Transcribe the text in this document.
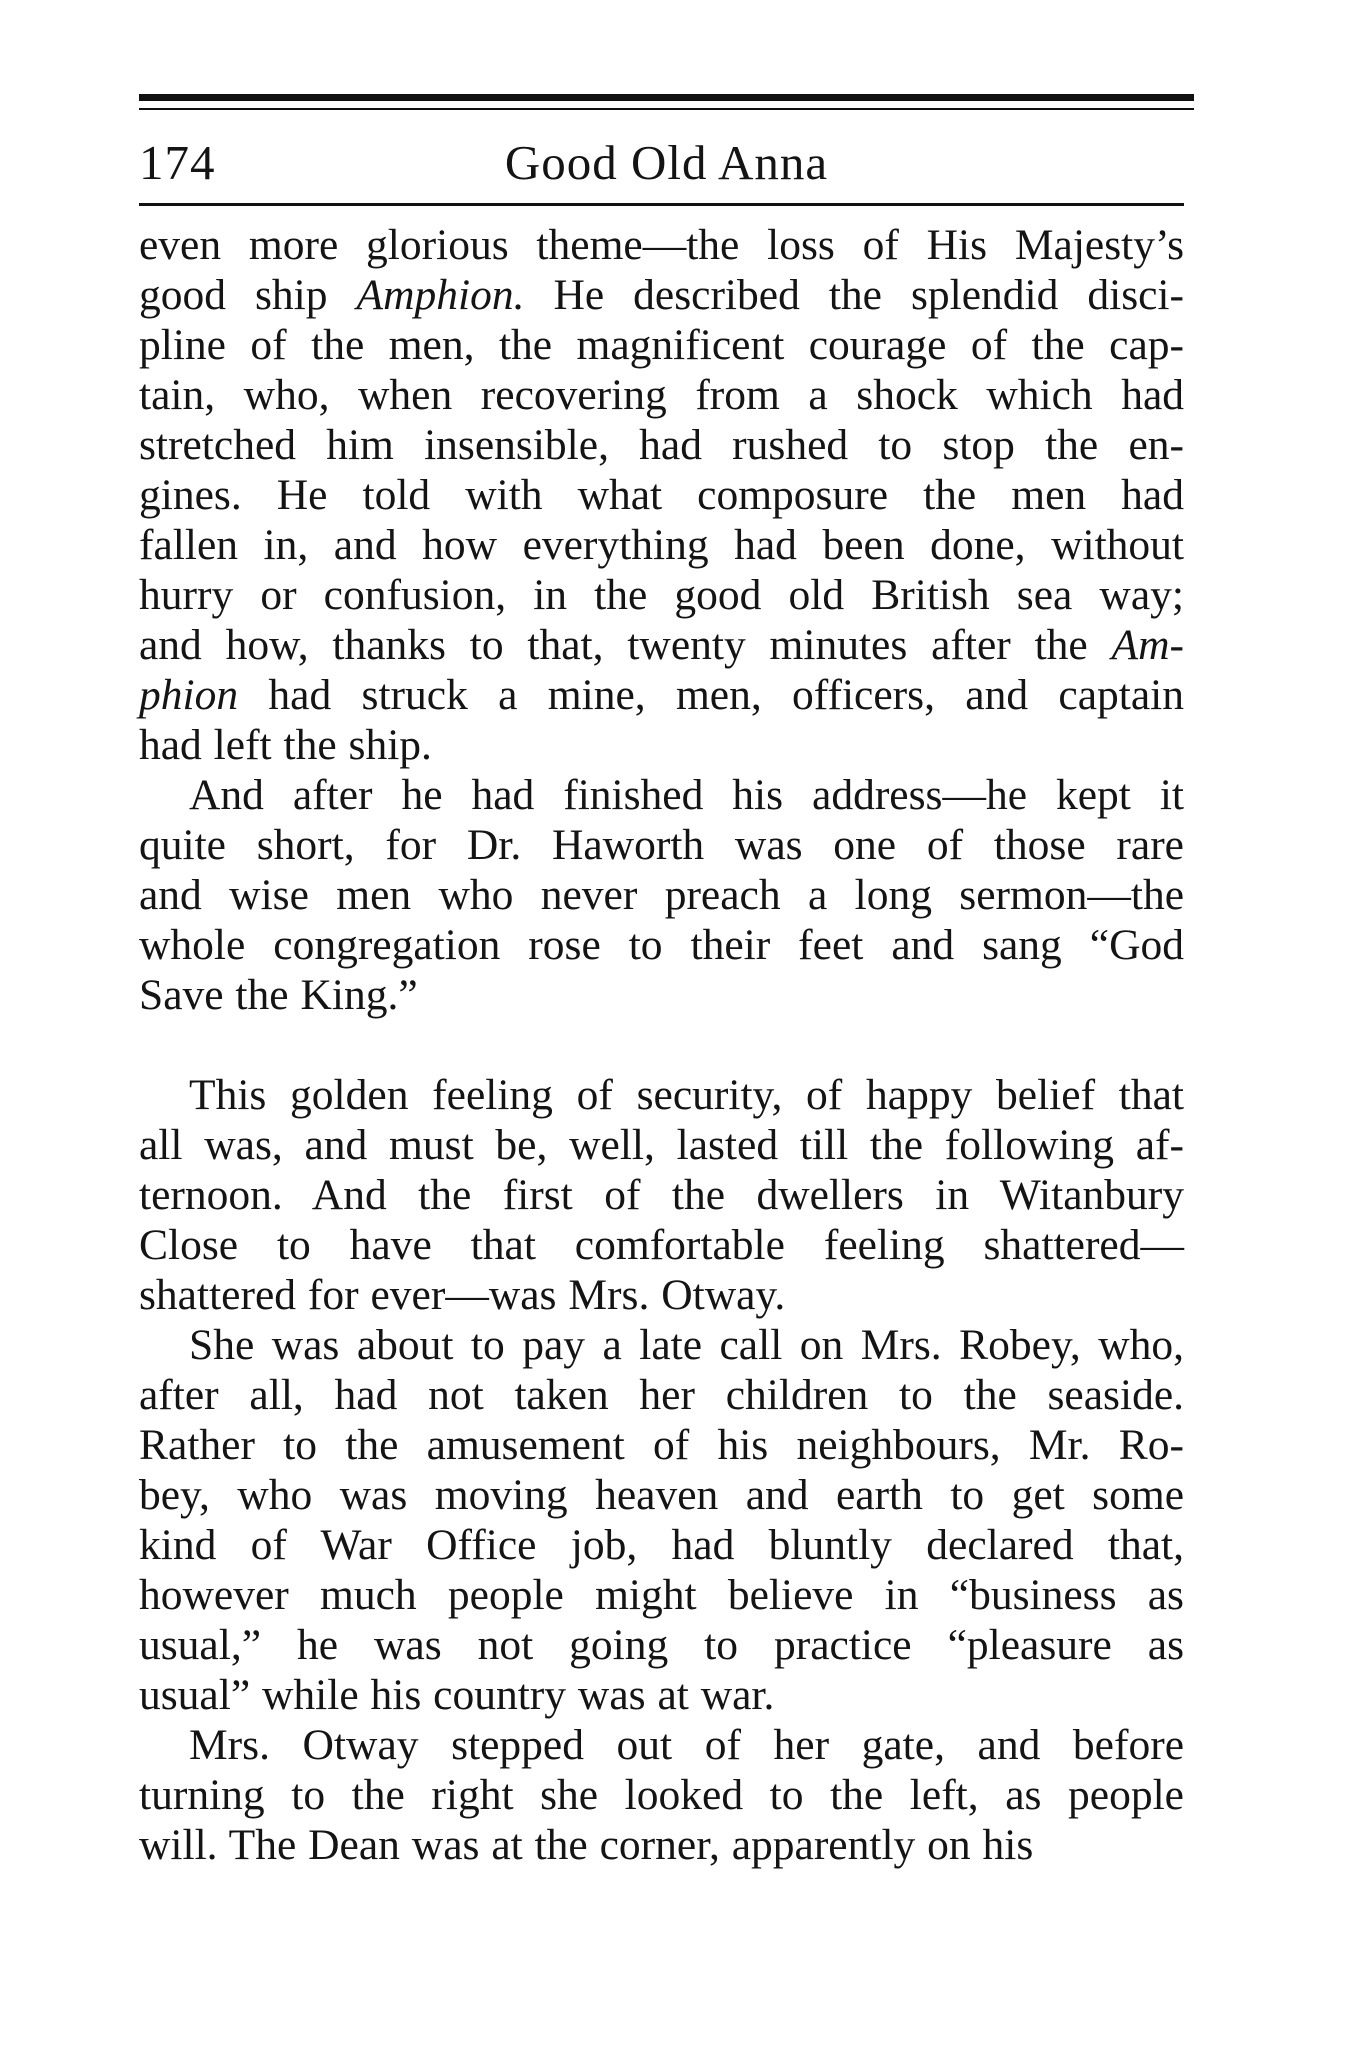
174	Good Old Anna
even more glorious theme—the loss of His Majesty’s
good ship Amphion. He described the splendid disci-
pline of the men, the magnificent courage of the cap-
tain, who, when recovering from a shock which had
stretched him insensible, had rushed to stop the en-
gines. He told with what composure the men had
fallen in, and how everything had been done, without
hurry or confusion, in the good old British sea way;
and how, thanks to that, twenty minutes after the Am-
phion had struck a mine, men, officers, and captain
had left the ship.
And after he had finished his address—he kept it
quite short, for Dr. Haworth was one of those rare
and wise men who never preach a long sermon—the
whole congregation rose to their feet and sang “God
Save the King.”
This golden feeling of security, of happy belief that
all was, and must be, well, lasted till the following af-
ternoon. And the first of the dwellers in Witanbury
Close to have that comfortable feeling shattered—
shattered for ever—was Mrs. Otway.
She was about to pay a late call on Mrs. Robey, who,
after all, had not taken her children to the seaside.
Rather to the amusement of his neighbours, Mr. Ro-
bey, who was moving heaven and earth to get some
kind of War Office job, had bluntly declared that,
however much people might believe in “business as
usual,” he was not going to practice “pleasure as
usual” while his country was at war.
Mrs. Otway stepped out of her gate, and before
turning to the right she looked to the left, as people
will. The Dean was at the corner, apparently on his
